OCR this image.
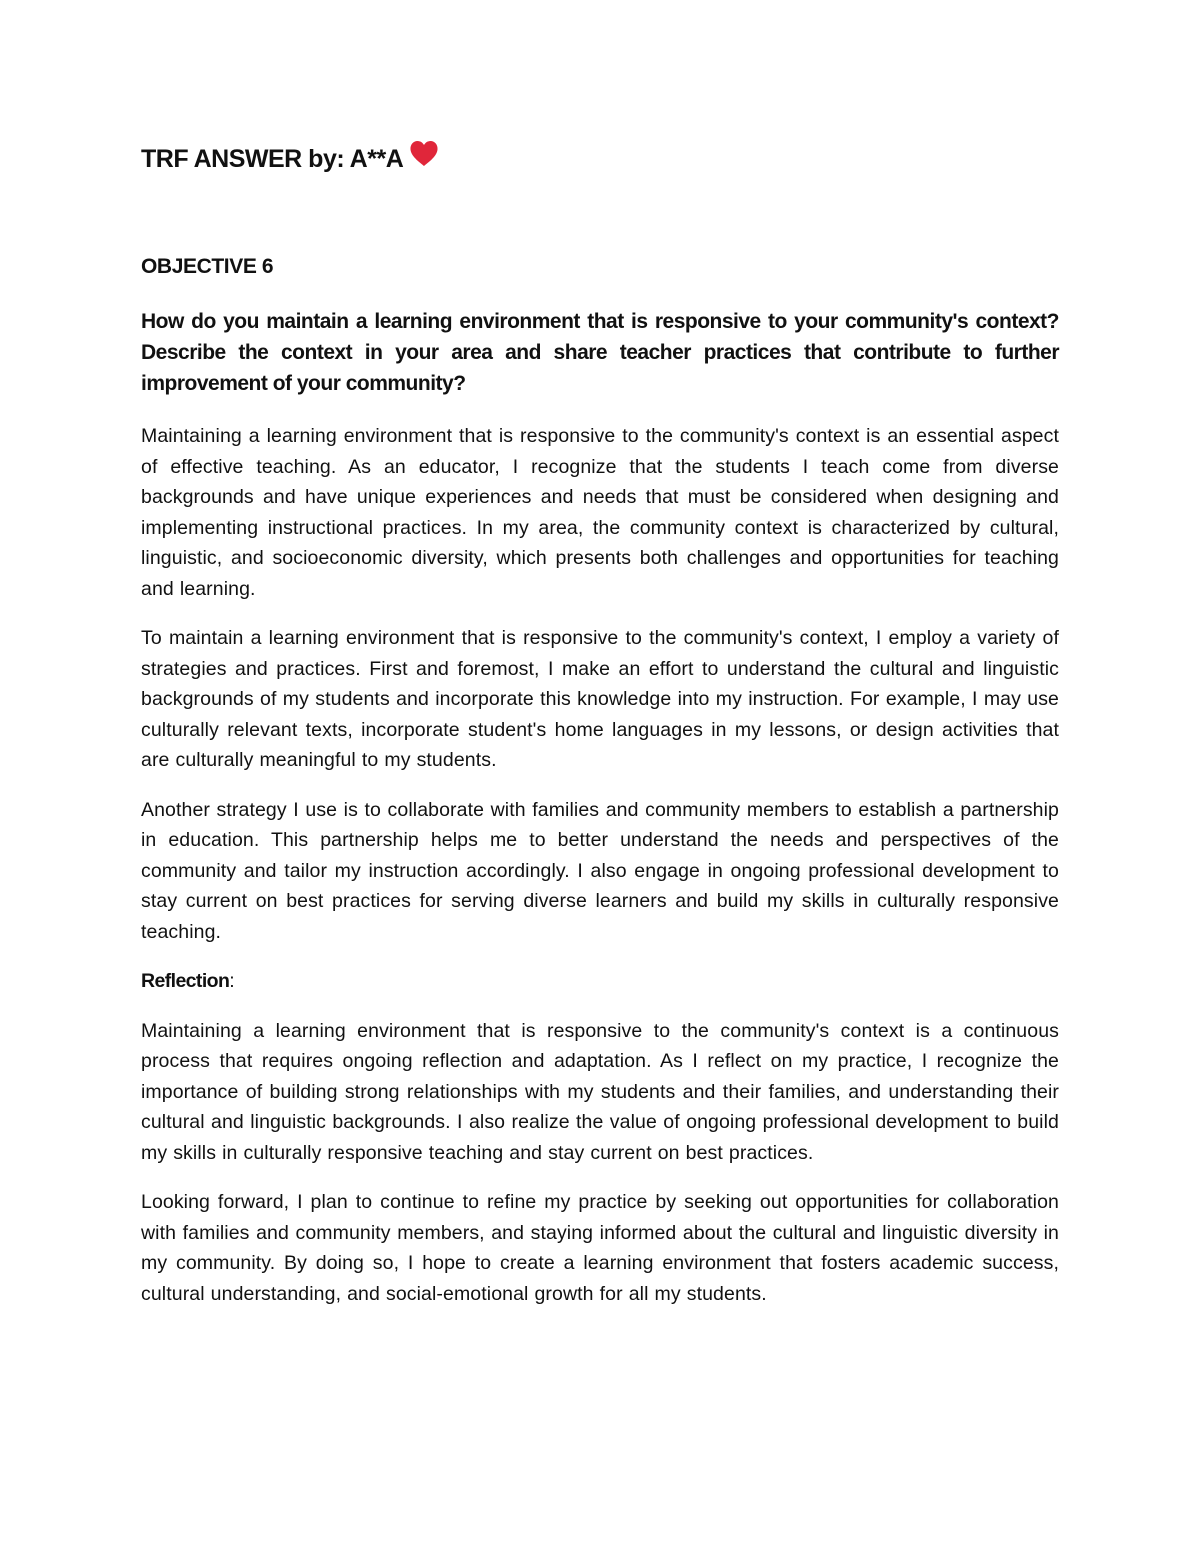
TRF ANSWER by: A**A
OBJECTIVE 6
How do you maintain a learning environment that is responsive to your community's context? Describe the context in your area and share teacher practices that contribute to further improvement of your community?

Maintaining a learning environment that is responsive to the community's context is an essential aspect of effective teaching. As an educator, I recognize that the students I teach come from diverse backgrounds and have unique experiences and needs that must be considered when designing and implementing instructional practices. In my area, the community context is characterized by cultural, linguistic, and socioeconomic diversity, which presents both challenges and opportunities for teaching and learning.

To maintain a learning environment that is responsive to the community's context, I employ a variety of strategies and practices. First and foremost, I make an effort to understand the cultural and linguistic backgrounds of my students and incorporate this knowledge into my instruction. For example, I may use culturally relevant texts, incorporate student's home languages in my lessons, or design activities that are culturally meaningful to my students.

Another strategy I use is to collaborate with families and community members to establish a partnership in education. This partnership helps me to better understand the needs and perspectives of the community and tailor my instruction accordingly. I also engage in ongoing professional development to stay current on best practices for serving diverse learners and build my skills in culturally responsive teaching.

Reflection:

Maintaining a learning environment that is responsive to the community's context is a continuous process that requires ongoing reflection and adaptation. As I reflect on my practice, I recognize the importance of building strong relationships with my students and their families, and understanding their cultural and linguistic backgrounds. I also realize the value of ongoing professional development to build my skills in culturally responsive teaching and stay current on best practices.

Looking forward, I plan to continue to refine my practice by seeking out opportunities for collaboration with families and community members, and staying informed about the cultural and linguistic diversity in my community. By doing so, I hope to create a learning environment that fosters academic success, cultural understanding, and social-emotional growth for all my students.
